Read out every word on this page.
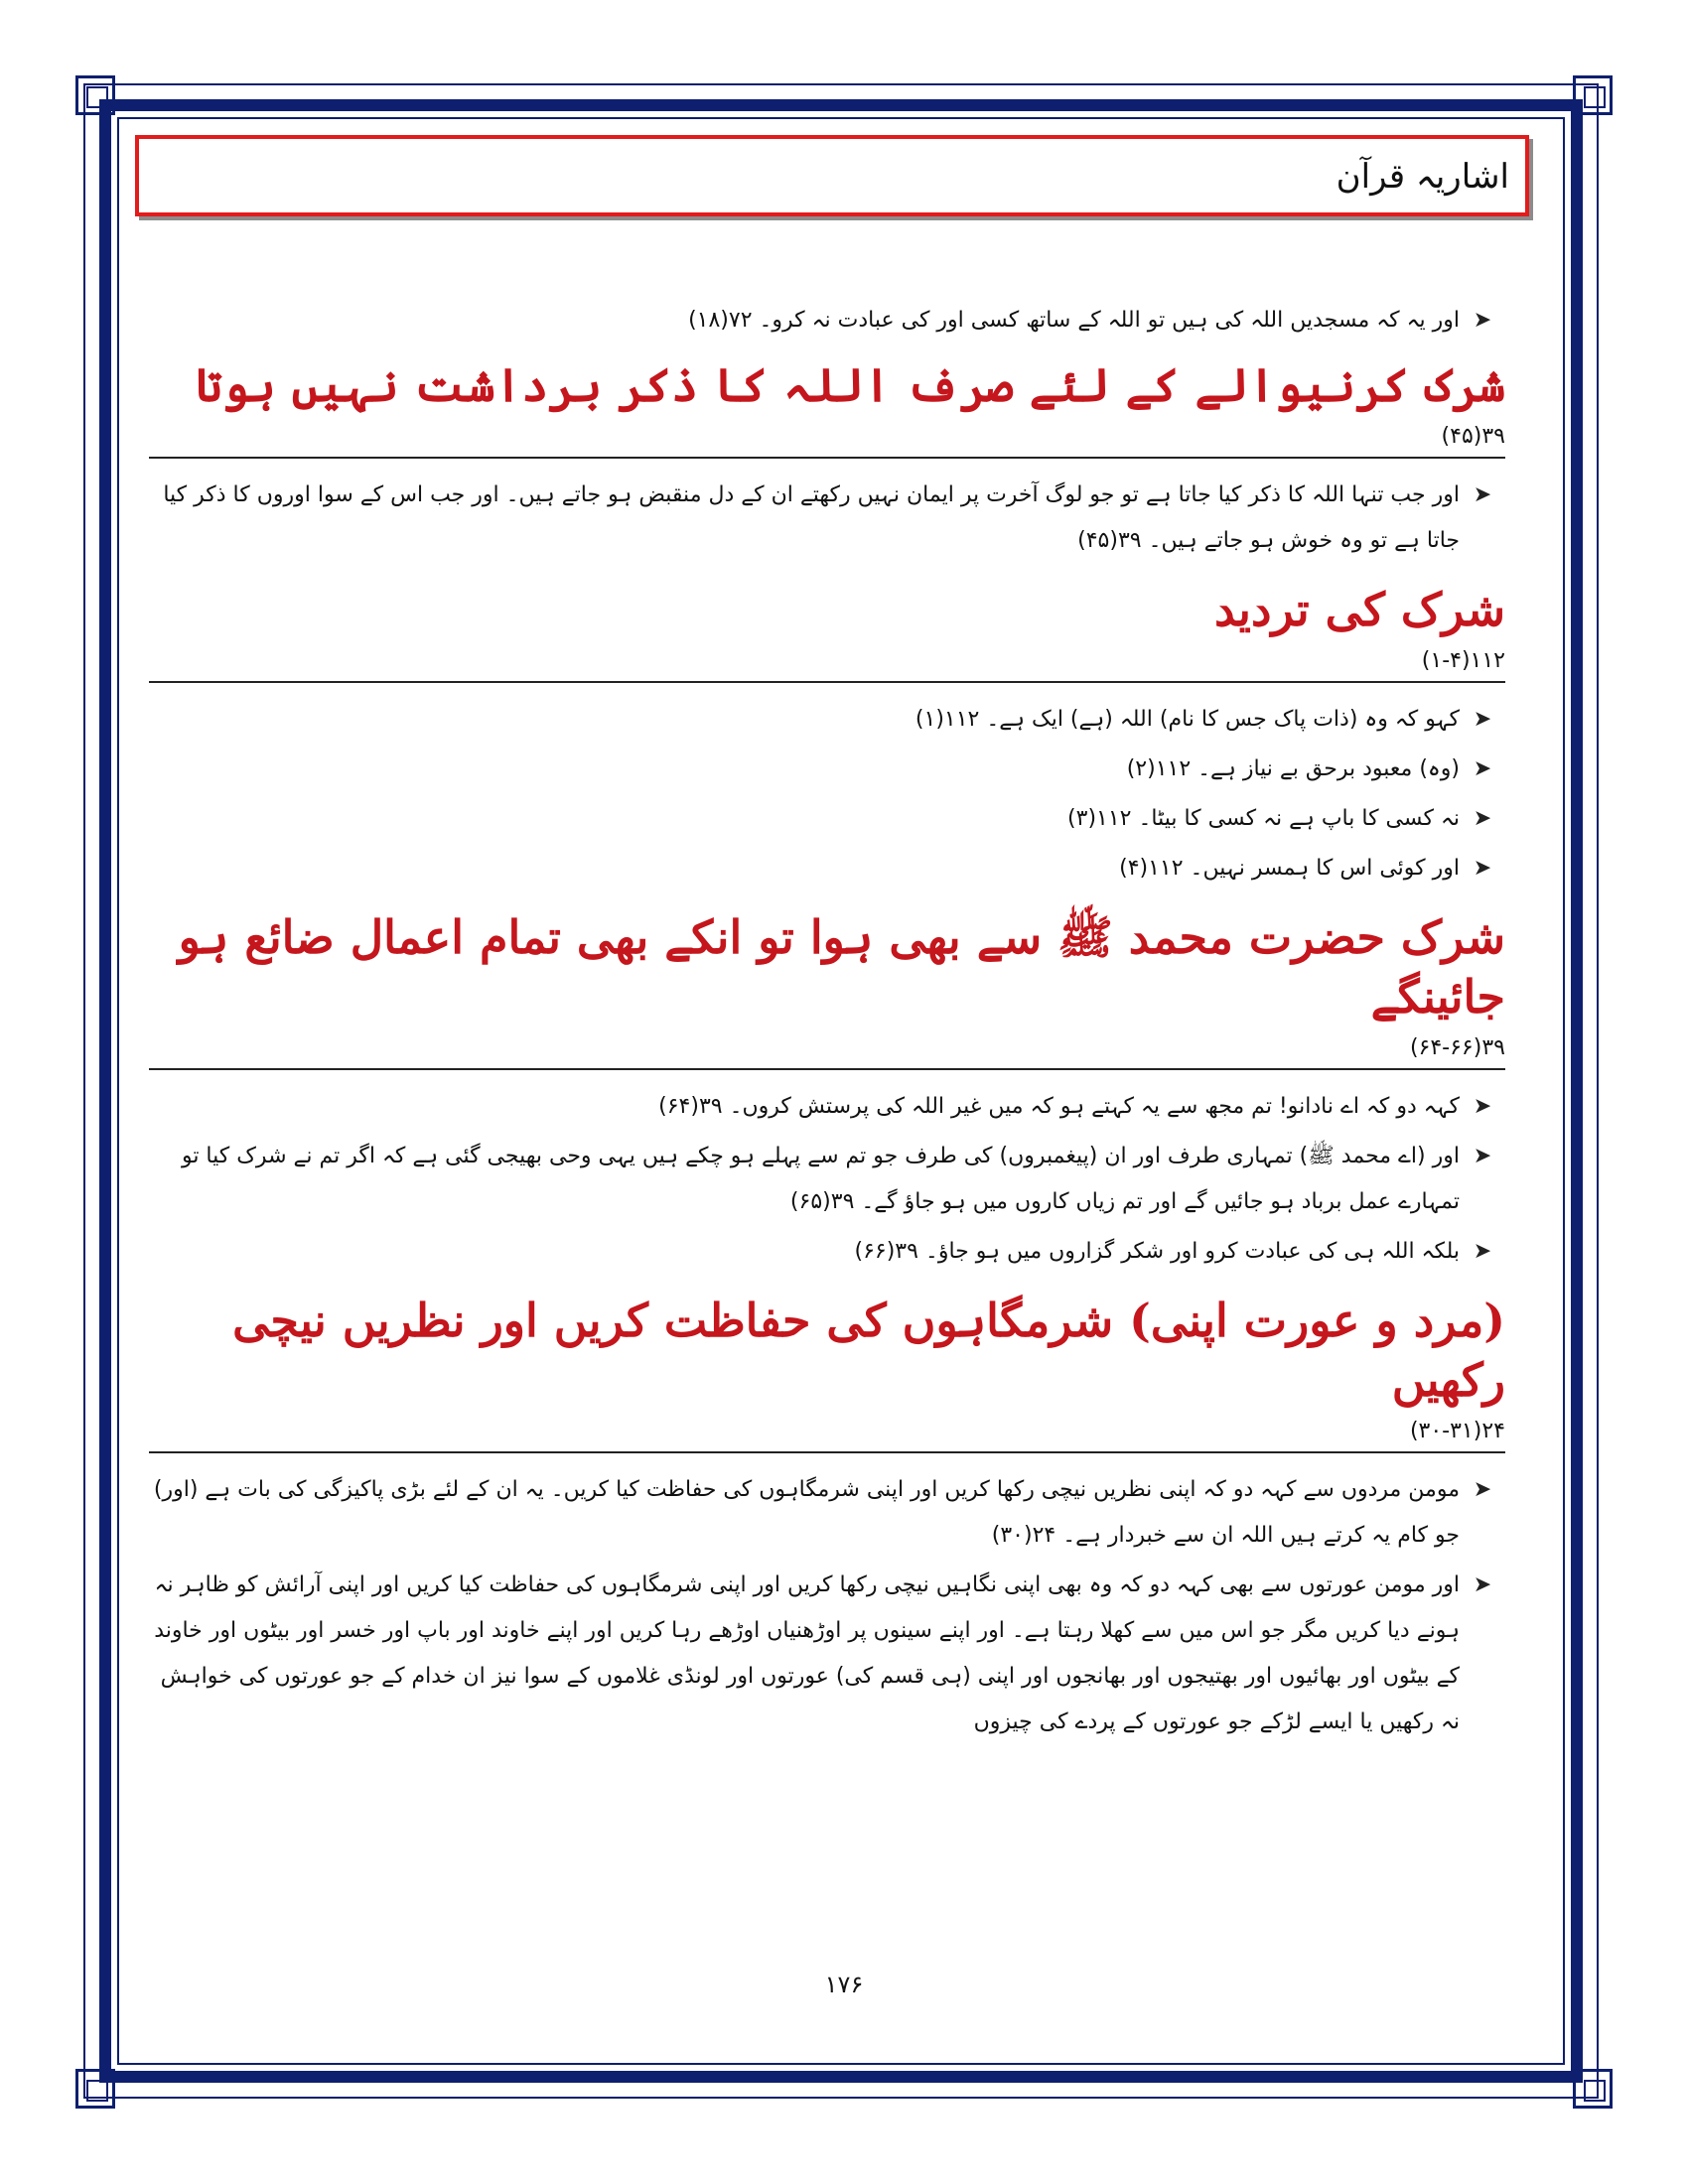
اشاریہ قرآن
➤
اور یہ کہ مسجدیں اللہ کی ہیں تو اللہ کے ساتھ کسی اور کی عبادت نہ کرو۔ ۷۲(۱۸)
شرک کرنیوالے کے لئے صرف اللہ کا ذکر برداشت نہیں ہوتا
۳۹(۴۵)
➤
اور جب تنہا اللہ کا ذکر کیا جاتا ہے تو جو لوگ آخرت پر ایمان نہیں رکھتے ان کے دل منقبض ہو جاتے ہیں۔ اور جب اس کے سوا اوروں کا ذکر کیا جاتا ہے تو وہ خوش ہو جاتے ہیں۔ ۳۹(۴۵)
شرک کی تردید
۱۱۲(۱-۴)
➤
کہو کہ وہ (ذات پاک جس کا نام) اللہ (ہے) ایک ہے۔ ۱۱۲(۱)
➤
(وہ) معبود برحق بے نیاز ہے۔ ۱۱۲(۲)
➤
نہ کسی کا باپ ہے نہ کسی کا بیٹا۔ ۱۱۲(۳)
➤
اور کوئی اس کا ہمسر نہیں۔ ۱۱۲(۴)
شرک حضرت محمد ﷺ سے بھی ہوا تو انکے بھی تمام اعمال ضائع ہو جائینگے
۳۹(۶۴-۶۶)
➤
کہہ دو کہ اے نادانو! تم مجھ سے یہ کہتے ہو کہ میں غیر اللہ کی پرستش کروں۔ ۳۹(۶۴)
➤
اور (اے محمد ﷺ) تمہاری طرف اور ان (پیغمبروں) کی طرف جو تم سے پہلے ہو چکے ہیں یہی وحی بھیجی گئی ہے کہ اگر تم نے شرک کیا تو تمہارے عمل برباد ہو جائیں گے اور تم زیاں کاروں میں ہو جاؤ گے۔ ۳۹(۶۵)
➤
بلکہ اللہ ہی کی عبادت کرو اور شکر گزاروں میں ہو جاؤ۔ ۳۹(۶۶)
(مرد و عورت اپنی) شرمگاہوں کی حفاظت کریں اور نظریں نیچی رکھیں
۲۴(۳۰-۳۱)
➤
مومن مردوں سے کہہ دو کہ اپنی نظریں نیچی رکھا کریں اور اپنی شرمگاہوں کی حفاظت کیا کریں۔ یہ ان کے لئے بڑی پاکیزگی کی بات ہے (اور) جو کام یہ کرتے ہیں اللہ ان سے خبردار ہے۔ ۲۴(۳۰)
➤
اور مومن عورتوں سے بھی کہہ دو کہ وہ بھی اپنی نگاہیں نیچی رکھا کریں اور اپنی شرمگاہوں کی حفاظت کیا کریں اور اپنی آرائش کو ظاہر نہ ہونے دیا کریں مگر جو اس میں سے کھلا رہتا ہے۔ اور اپنے سینوں پر اوڑھنیاں اوڑھے رہا کریں اور اپنے خاوند اور باپ اور خسر اور بیٹوں اور خاوند کے بیٹوں اور بھائیوں اور بھتیجوں اور بھانجوں اور اپنی (ہی قسم کی) عورتوں اور لونڈی غلاموں کے سوا نیز ان خدام کے جو عورتوں کی خواہش نہ رکھیں یا ایسے لڑکے جو عورتوں کے پردے کی چیزوں
۱۷۶
